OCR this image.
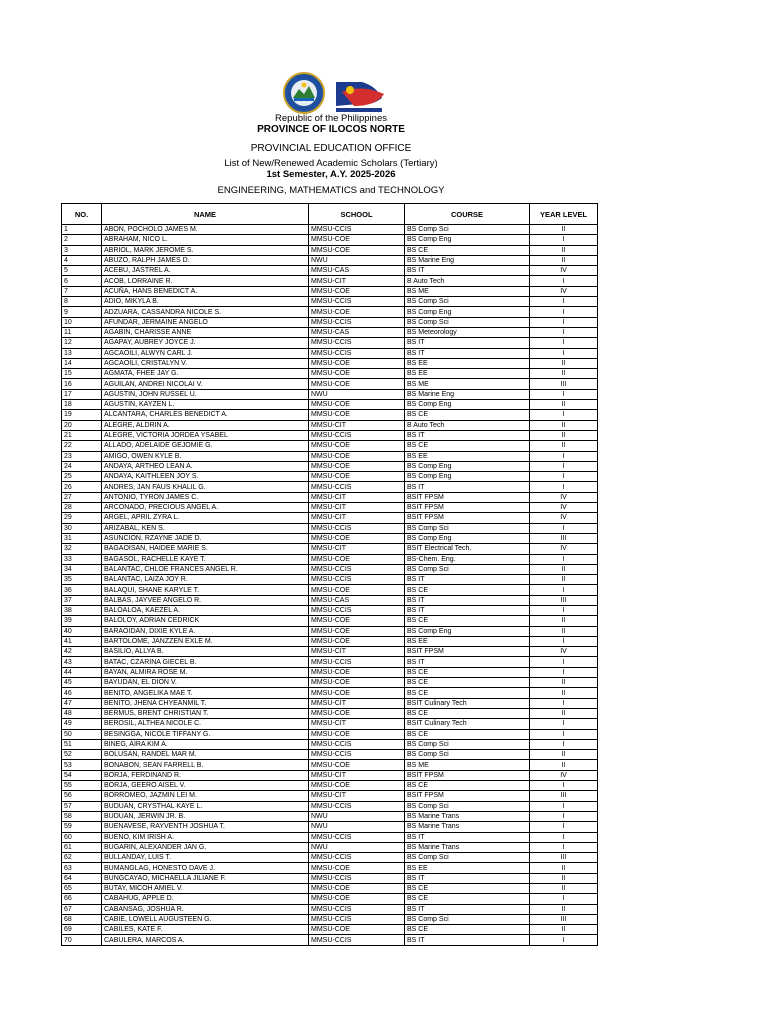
Republic of the Philippines
PROVINCE OF ILOCOS NORTE
PROVINCIAL EDUCATION OFFICE
List of New/Renewed Academic Scholars (Tertiary)
1st Semester, A.Y. 2025-2026
ENGINEERING, MATHEMATICS and TECHNOLOGY
NO.	NAME	SCHOOL	COURSE	YEAR LEVEL
1	ABON, POCHOLO JAMES M.	MMSU-CCIS	BS Comp Sci	II
2	ABRAHAM, NICO L.	MMSU-COE	BS Comp Eng	I
3	ABRIOL, MARK JEROME S.	MMSU-COE	BS CE	II
4	ABUZO, RALPH JAMES D.	NWU	BS Marine Eng	II
5	ACEBU, JASTREL A.	MMSU-CAS	BS IT	IV
6	ACOB, LORRAINE R.	MMSU-CIT	B Auto Tech	I
7	ACUÑA, HANS BENEDICT A.	MMSU-COE	BS ME	IV
8	ADIO, MIKYLA B.	MMSU-CCIS	BS Comp Sci	I
9	ADZUARA, CASSANDRA NICOLE S.	MMSU-COE	BS Comp Eng	I
10	AFUNDAR, JERMAINE ANGELO	MMSU-CCIS	BS Comp Sci	I
11	AGABIN, CHARISSE ANNE	MMSU-CAS	BS Meteorology	I
12	AGAPAY, AUBREY JOYCE J.	MMSU-CCIS	BS IT	I
13	AGCAOILI, ALWYN CARL J.	MMSU-CCIS	BS IT	I
14	AGCAOILI, CRISTALYN V.	MMSU-COE	BS EE	II
15	AGMATA, FHEE JAY G.	MMSU-COE	BS EE	II
16	AGUILAN, ANDREI NICOLAI V.	MMSU-COE	BS ME	III
17	AGUSTIN, JOHN RUSSEL U.	NWU	BS Marine Eng	I
18	AGUSTIN, KAYZEN L.	MMSU-COE	BS Comp Eng	II
19	ALCANTARA, CHARLES BENEDICT A.	MMSU-COE	BS CE	I
20	ALEGRE, ALDRIN A.	MMSU-CIT	B Auto Tech	II
21	ALEGRE, VICTORIA JORDEA YSABEL	MMSU-CCIS	BS IT	II
22	ALLADO, ADELAIDE GEJOMIE G.	MMSU-COE	BS CE	II
23	AMIGO, OWEN KYLE B.	MMSU-COE	BS EE	I
24	ANDAYA, ARTHEO LEAN A.	MMSU-COE	BS Comp Eng	I
25	ANDAYA, KAITHLEEN JOY S.	MMSU-COE	BS Comp Eng	I
26	ANDRES, JAN FAUS KHALIL G.	MMSU-CCIS	BS IT	I
27	ANTONIO, TYRON JAMES C.	MMSU-CIT	BSIT FPSM	IV
28	ARCONADO, PRECIOUS ANGEL A.	MMSU-CIT	BSIT FPSM	IV
29	ARGEL, APRIL ZYRA L.	MMSU-CIT	BSIT FPSM	IV
30	ARIZABAL, KEN S.	MMSU-CCIS	BS Comp Sci	I
31	ASUNCION, RZAYNE JADE D.	MMSU-COE	BS Comp Eng	III
32	BAGAOISAN, HAIDEE MARIE S.	MMSU-CIT	BSIT Electrical Tech.	IV
33	BAGASOL, RACHELLE KAYE T.	MMSU-COE	BS-Chem. Eng.	I
34	BALANTAC, CHLOE FRANCES ANGEL R.	MMSU-CCIS	BS Comp Sci	II
35	BALANTAC, LAIZA JOY R.	MMSU-CCIS	BS IT	II
36	BALAQUI, SHANE KARYLE T.	MMSU-COE	BS CE	I
37	BALBAS, JAYVEE ANGELO R.	MMSU-CAS	BS IT	III
38	BALOALOA, KAEZEL A.	MMSU-CCIS	BS IT	I
39	BALOLOY, ADRIAN CEDRICK	MMSU-COE	BS CE	II
40	BARAOIDAN, DIXIE KYLE A.	MMSU-COE	BS Comp Eng	II
41	BARTOLOME, JANZZEN EXLE M.	MMSU-COE	BS EE	I
42	BASILIO, ALLYA B.	MMSU-CIT	BSIT FPSM	IV
43	BATAC, CZARINA GIECEL B.	MMSU-CCIS	BS IT	I
44	BAYAN, ALMIRA ROSE M.	MMSU-COE	BS CE	I
45	BAYUDAN, EL DION V.	MMSU-COE	BS CE	II
46	BENITO, ANGELIKA MAE T.	MMSU-COE	BS CE	II
47	BENITO, JHENA CHYEANMIL T.	MMSU-CIT	BSIT Culinary Tech	I
48	BERMUS, BRENT CHRISTIAN T.	MMSU-COE	BS CE	II
49	BEROSIL, ALTHEA NICOLE C.	MMSU-CIT	BSIT Culinary Tech	I
50	BESINGGA, NICOLE TIFFANY G.	MMSU-COE	BS CE	I
51	BINEG, AIRA KIM A.	MMSU-CCIS	BS Comp Sci	I
52	BOLUSAN, RANDEL MAR M.	MMSU-CCIS	BS Comp Sci	II
53	BONABON, SEAN FARRELL B.	MMSU-COE	BS ME	II
54	BORJA, FERDINAND R.	MMSU-CIT	BSIT FPSM	IV
55	BORJA, GEERO AISEL V.	MMSU-COE	BS CE	I
56	BORROMEO, JAZMIN LEI M.	MMSU-CIT	BSIT FPSM	III
57	BUDUAN, CRYSTHAL KAYE L.	MMSU-CCIS	BS Comp Sci	I
58	BUDUAN, JERWIN JR. B.	NWU	BS Marine Trans	I
59	BUENAVESE, RAYVENTH JOSHUA T.	NWU	BS Marine Trans	I
60	BUENO, KIM IRISH A.	MMSU-CCIS	BS IT	I
61	BUGARIN, ALEXANDER JAN G.	NWU	BS Marine Trans	I
62	BULLANDAY, LUIS T.	MMSU-CCIS	BS Comp Sci	III
63	BUMANGLAG, HONESTO DAVE J.	MMSU-COE	BS EE	II
64	BUNGCAYAO, MICHAELLA JILIANE F.	MMSU-CCIS	BS IT	II
65	BUTAY, MICOH AMIEL V.	MMSU-COE	BS CE	II
66	CABAHUG, APPLE D.	MMSU-COE	BS CE	I
67	CABANSAG, JOSHUA R.	MMSU-CCIS	BS IT	II
68	CABIE, LOWELL AUGUSTEEN G.	MMSU-CCIS	BS Comp Sci	III
69	CABILES, KATE F.	MMSU-COE	BS CE	II
70	CABULERA, MARCOS A.	MMSU-CCIS	BS IT	I
